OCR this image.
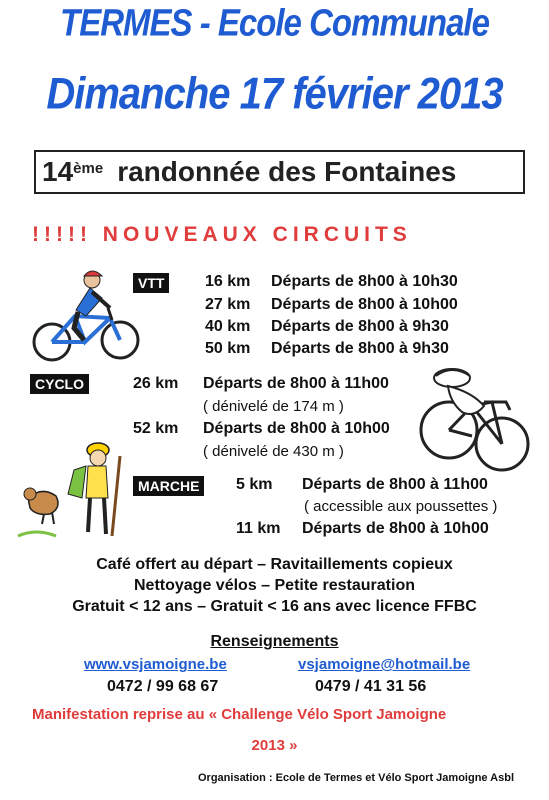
TERMES - Ecole Communale
Dimanche 17 février 2013
14ème randonnée des Fontaines
!!!!! NOUVEAUX CIRCUITS
VTT	16 km Départs de 8h00 à 10h30
27 km Départs de 8h00 à 10h00
40 km Départs de 8h00 à 9h30
50 km Départs de 8h00 à 9h30
CYCLO	26 km Départs de 8h00 à 11h00
( dénivelé de 174 m )
52 km Départs de 8h00 à 10h00
( dénivelé de 430 m )
MARCHE	5 km Départs de 8h00 à 11h00
( accessible aux poussettes )
11 km Départs de 8h00 à 10h00
Café offert au départ – Ravitaillements copieux
Nettoyage vélos – Petite restauration
Gratuit < 12 ans – Gratuit < 16 ans avec licence FFBC
Renseignements
www.vsjamoigne.be	vsjamoigne@hotmail.be
0472 / 99 68 67	0479 / 41 31 56
Manifestation reprise au « Challenge Vélo Sport Jamoigne
2013 »
Organisation : Ecole de Termes et Vélo Sport Jamoigne Asbl
